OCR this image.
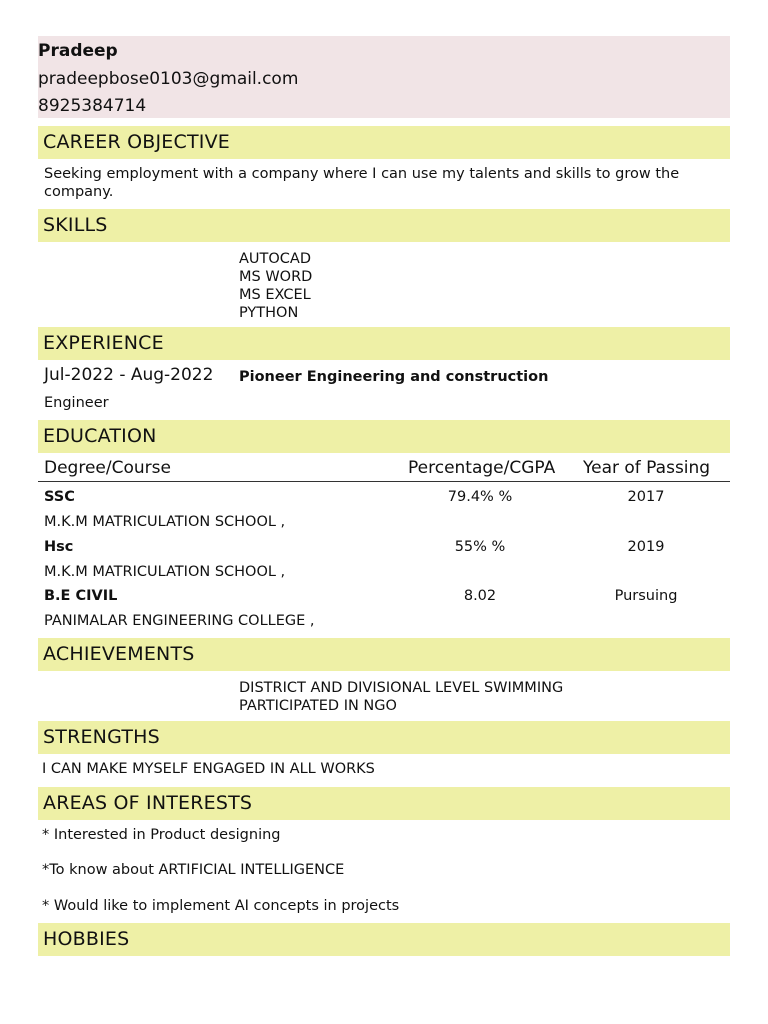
Pradeep
pradeepbose0103@gmail.com
8925384714
CAREER OBJECTIVE
Seeking employment with a company where I can use my talents and skills to grow the company.
SKILLS
AUTOCAD
MS WORD
MS EXCEL
PYTHON
EXPERIENCE
Jul-2022 - Aug-2022 Pioneer Engineering and construction
Engineer
EDUCATION
Degree/Course	Percentage/CGPA Year of Passing
SSC	79.4% %	2017
M.K.M MATRICULATION SCHOOL ,
Hsc	55% %	2019
M.K.M MATRICULATION SCHOOL ,
B.E CIVIL	8.02	Pursuing
PANIMALAR ENGINEERING COLLEGE ,
ACHIEVEMENTS
DISTRICT AND DIVISIONAL LEVEL SWIMMING
PARTICIPATED IN NGO
STRENGTHS
I CAN MAKE MYSELF ENGAGED IN ALL WORKS
AREAS OF INTERESTS
* Interested in Product designing
*To know about ARTIFICIAL INTELLIGENCE
* Would like to implement AI concepts in projects
HOBBIES
